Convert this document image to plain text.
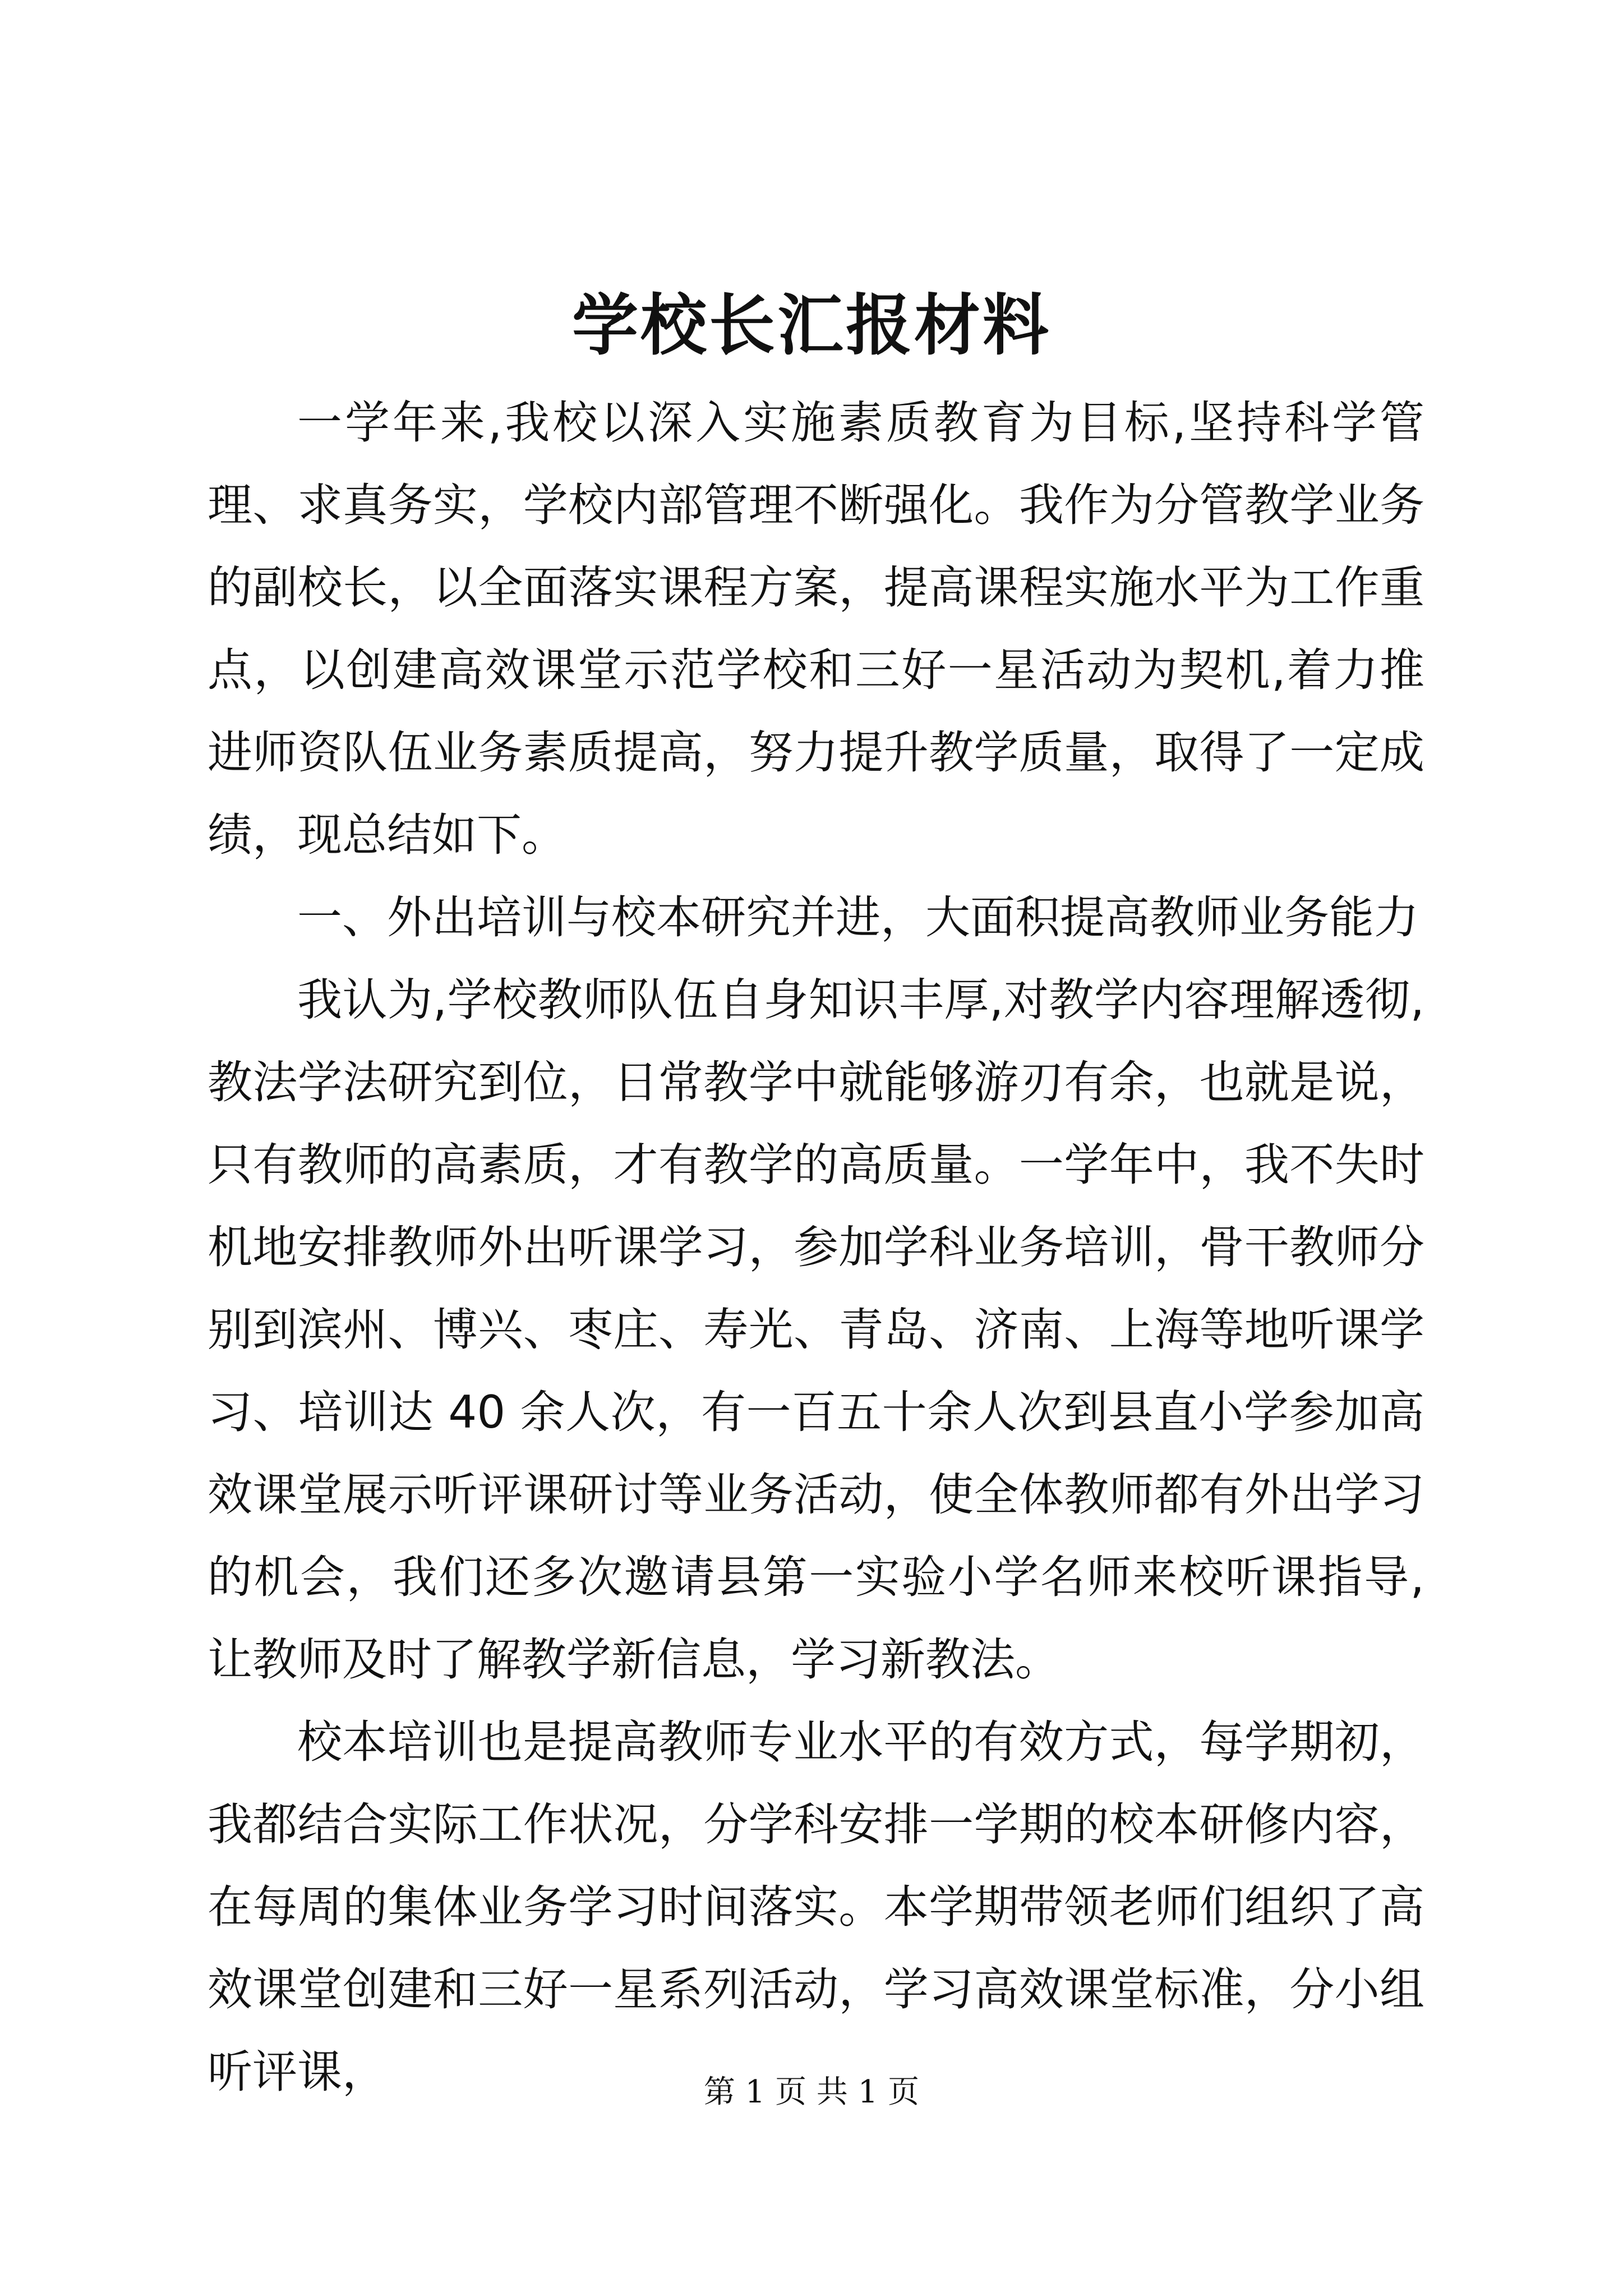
学校长汇报材料

一学年来,我校以深入实施素质教育为目标,坚持科学管理、求真务实，学校内部管理不断强化。我作为分管教学业务的副校长，以全面落实课程方案，提高课程实施水平为工作重点，以创建高效课堂示范学校和三好一星活动为契机,着力推进师资队伍业务素质提高，努力提升教学质量，取得了一定成绩，现总结如下。

一、外出培训与校本研究并进，大面积提高教师业务能力

我认为,学校教师队伍自身知识丰厚,对教学内容理解透彻,教法学法研究到位，日常教学中就能够游刃有余，也就是说，只有教师的高素质，才有教学的高质量。一学年中，我不失时机地安排教师外出听课学习，参加学科业务培训，骨干教师分别到滨州、博兴、枣庄、寿光、青岛、济南、上海等地听课学习、培训达 40 余人次，有一百五十余人次到县直小学参加高效课堂展示听评课研讨等业务活动，使全体教师都有外出学习的机会，我们还多次邀请县第一实验小学名师来校听课指导,让教师及时了解教学新信息，学习新教法。

校本培训也是提高教师专业水平的有效方式，每学期初，我都结合实际工作状况，分学科安排一学期的校本研修内容，在每周的集体业务学习时间落实。本学期带领老师们组织了高效课堂创建和三好一星系列活动，学习高效课堂标准，分小组听评课，	第 1 页 共 1 页
